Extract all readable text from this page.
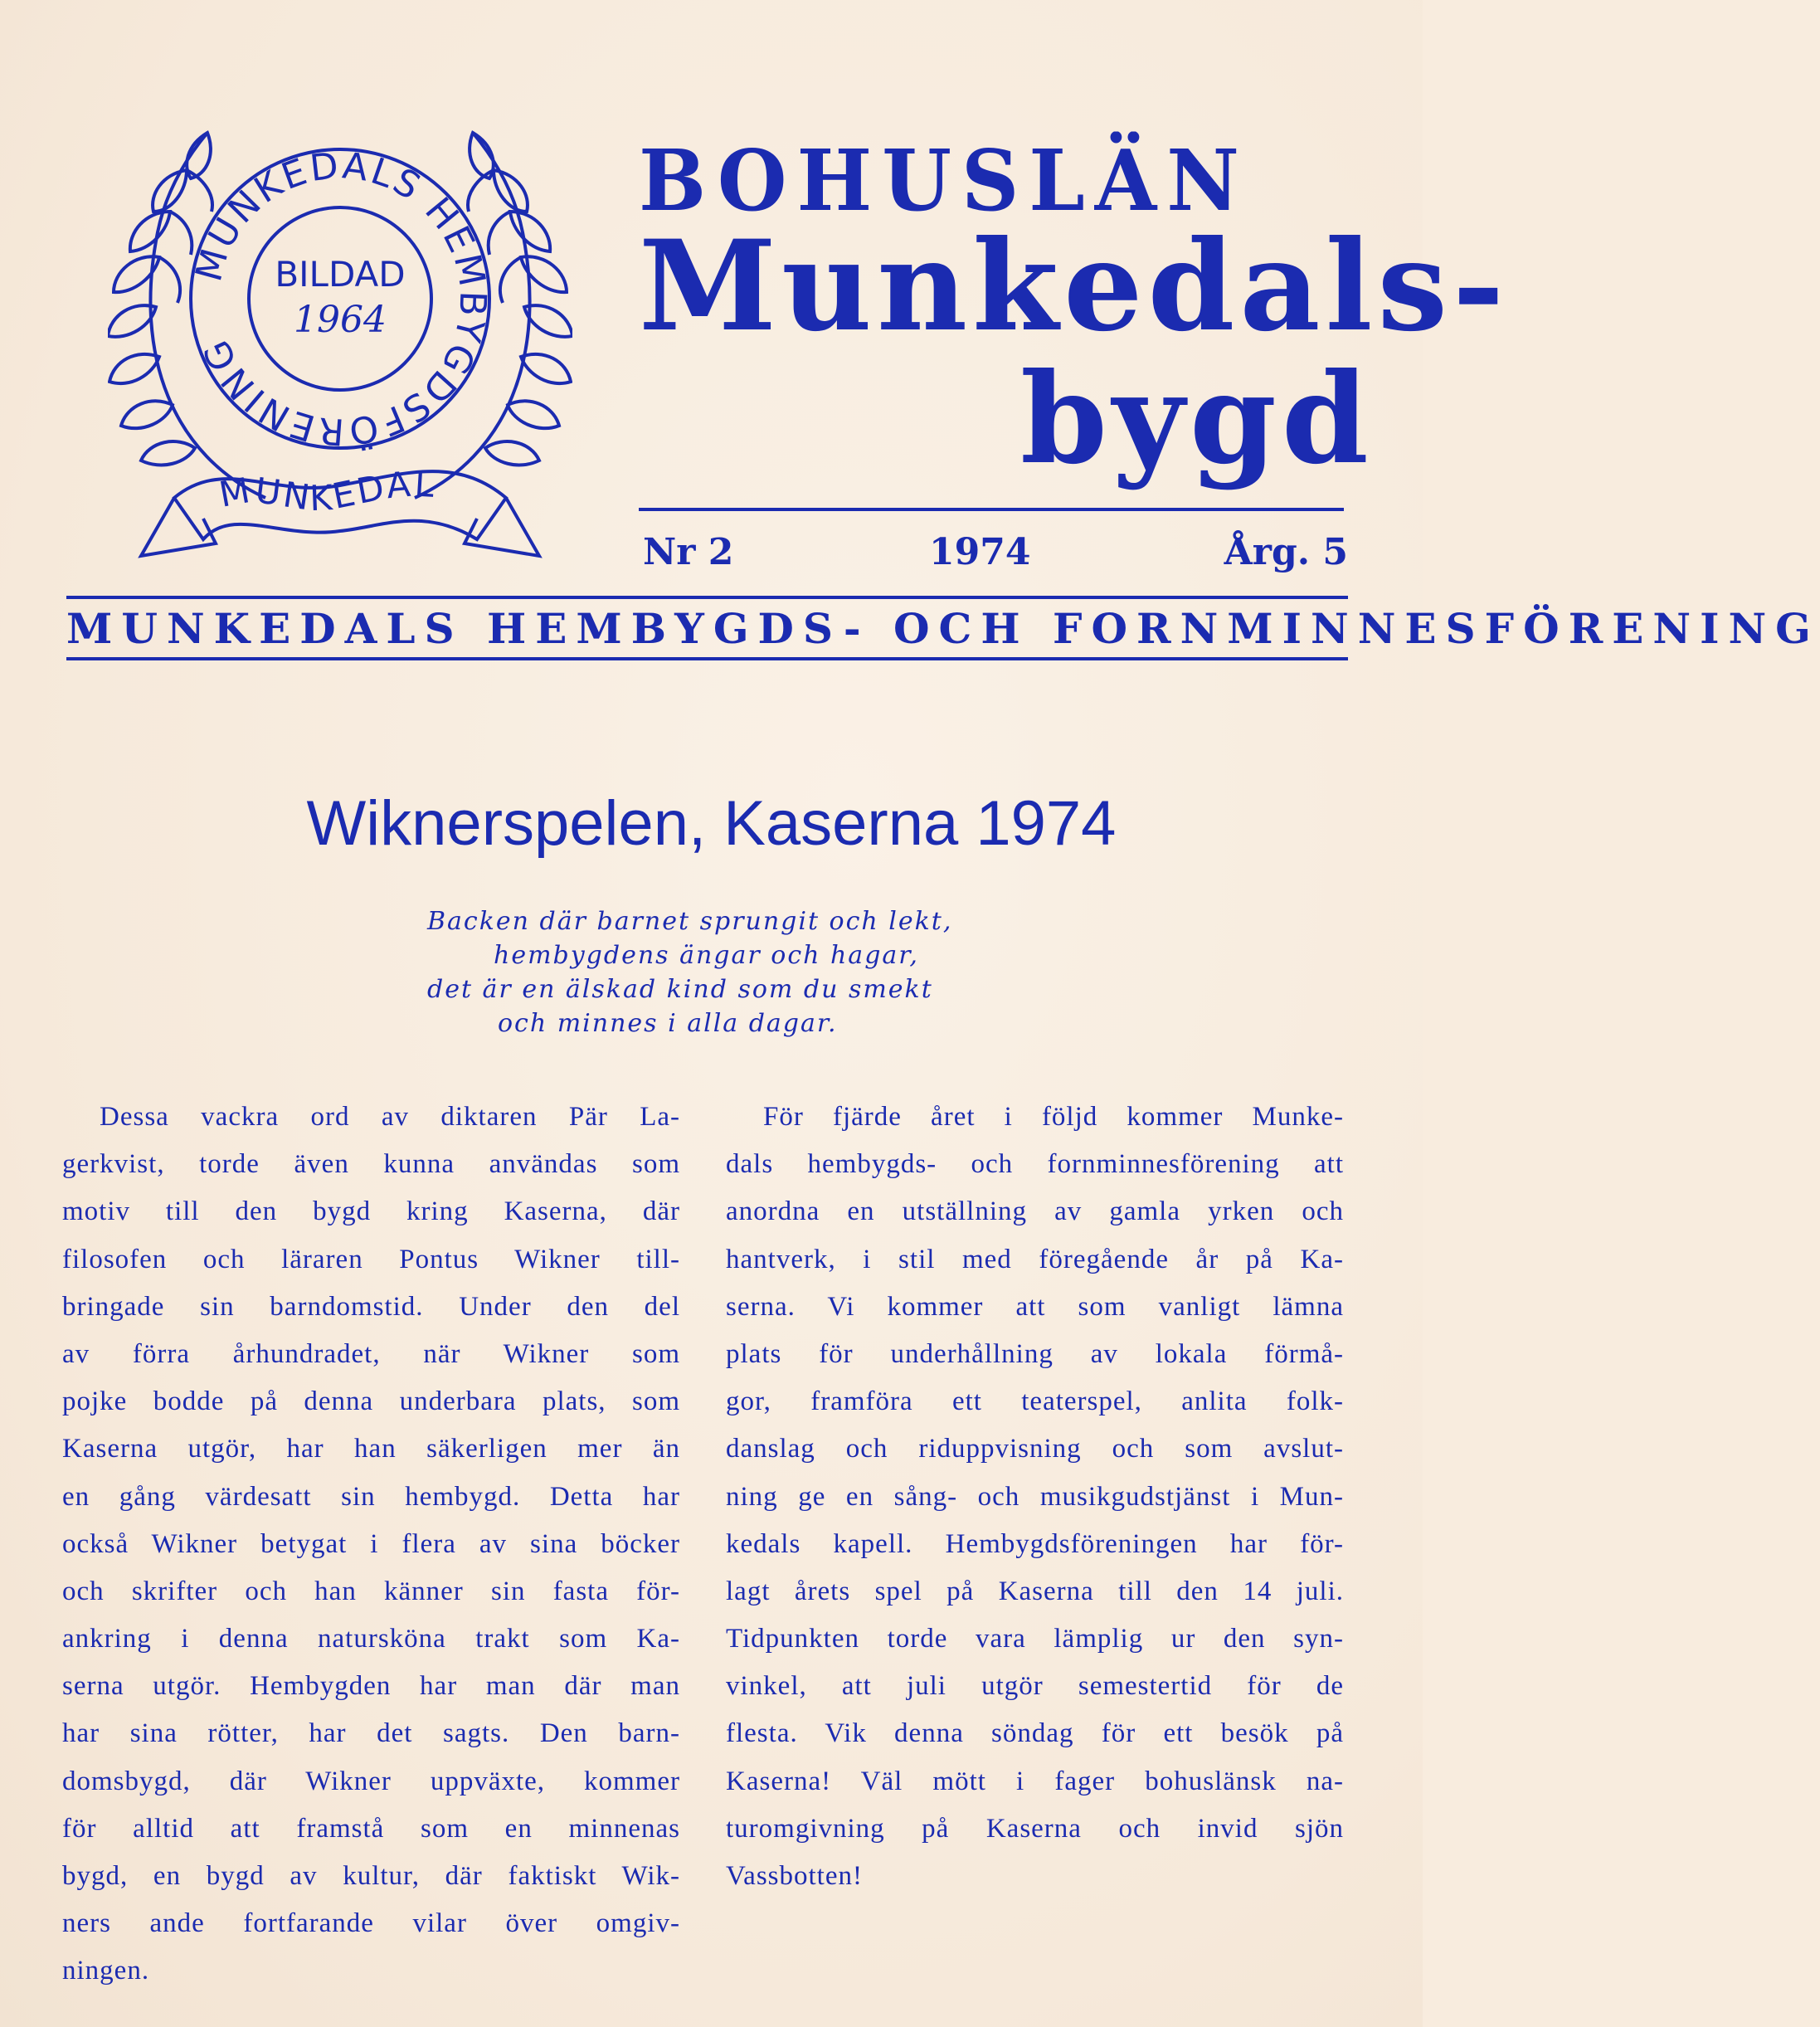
MUNKEDALS HEMBYGDSFÖRENING
BILDAD
1964
MUNKEDAL
BOHUSLÄN
Munkedals-
bygd
Nr 2	1974	Årg. 5
MUNKEDALS HEMBYGDS- OCH FORNMINNESFÖRENING
Wiknerspelen, Kaserna 1974
Backen där barnet sprungit och lekt,
hembygdens ängar och hagar,
det är en älskad kind som du smekt
och minnes i alla dagar.
Dessa vackra ord av diktaren Pär La-
gerkvist, torde även kunna användas som
motiv till den bygd kring Kaserna, där
filosofen och läraren Pontus Wikner till-
bringade sin barndomstid. Under den del
av förra århundradet, när Wikner som
pojke bodde på denna underbara plats, som
Kaserna utgör, har han säkerligen mer än
en gång värdesatt sin hembygd. Detta har
också Wikner betygat i flera av sina böcker
och skrifter och han känner sin fasta för-
ankring i denna naturskönа trakt som Ka-
serna utgör. Hembygden har man där man
har sina rötter, har det sagts. Den barn-
domsbygd, där Wikner uppväxte, kommer
för alltid att framstå som en minnenas
bygd, en bygd av kultur, där faktiskt Wik-
ners ande fortfarande vilar över omgiv-
ningen.
För fjärde året i följd kommer Munke-
dals hembygds- och fornminnesförening att
anordna en utställning av gamla yrken och
hantverk, i stil med föregående år på Ka-
serna. Vi kommer att som vanligt lämna
plats för underhållning av lokala förmå-
gor, framföra ett teaterspel, anlita folk-
danslag och riduppvisning och som avslut-
ning ge en sång- och musikgudstjänst i Mun-
kedals kapell. Hembygdsföreningen har för-
lagt årets spel på Kaserna till den 14 juli.
Tidpunkten torde vara lämplig ur den syn-
vinkel, att juli utgör semestertid för de
flesta. Vik denna söndag för ett besök på
Kaserna! Väl mött i fager bohuslänsk na-
turomgivning på Kaserna och invid sjön
Vassbotten!
